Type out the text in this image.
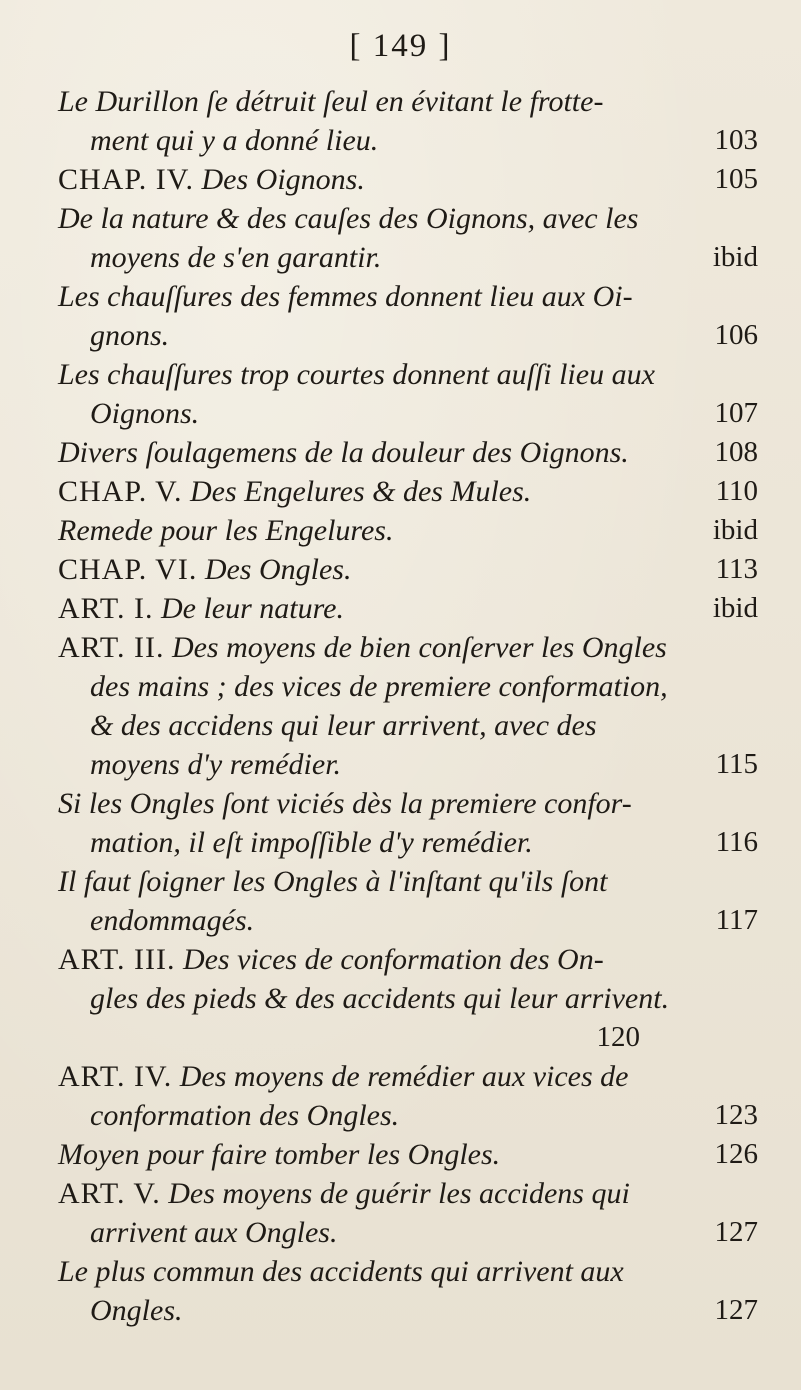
[ 149 ]
Le Durillon ſe détruit ſeul en évitant le frotte-
ment qui y a donné lieu.	103
CHAP. IV. Des Oignons.	105
De la nature & des cauſes des Oignons, avec les
moyens de s'en garantir.	ibid
Les chauſſures des femmes donnent lieu aux Oi-
gnons.	106
Les chauſſures trop courtes donnent auſſi lieu aux
Oignons.	107
Divers ſoulagemens de la douleur des Oignons.	108
CHAP. V. Des Engelures & des Mules.	110
Remede pour les Engelures.	ibid
CHAP. VI. Des Ongles.	113
ART. I. De leur nature.	ibid
ART. II. Des moyens de bien conſerver les Ongles
des mains ; des vices de premiere conformation,
& des accidens qui leur arrivent, avec des
moyens d'y remédier.	115
Si les Ongles ſont viciés dès la premiere confor-
mation, il eſt impoſſible d'y remédier.	116
Il faut ſoigner les Ongles à l'inſtant qu'ils ſont
endommagés.	117
ART. III. Des vices de conformation des On-
gles des pieds & des accidents qui leur arrivent.
120
ART. IV. Des moyens de remédier aux vices de
conformation des Ongles.	123
Moyen pour faire tomber les Ongles.	126
ART. V. Des moyens de guérir les accidens qui
arrivent aux Ongles.	127
Le plus commun des accidents qui arrivent aux
Ongles.	127
